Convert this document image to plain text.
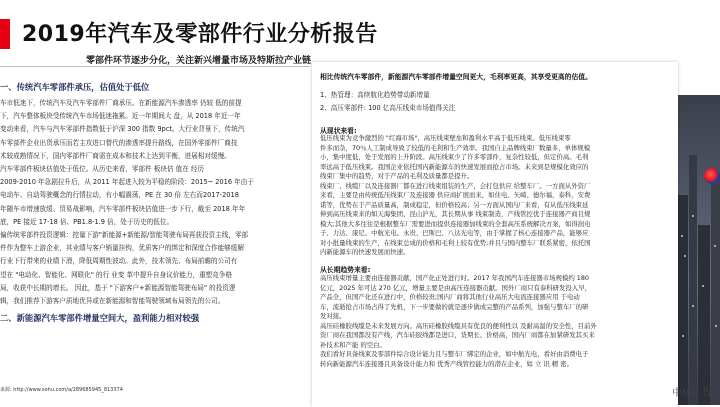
2019年汽车及零部件行业分析报告
零部件环节逐步分化，关注新兴增量市场及特斯拉产业链

一、传统汽车零部件承压，估值处于低位

车市低迷下，传统汽车及汽车零部件厂商承压。在新能源汽车渗透率 仍较 低的前提

下，汽车整体板块受传统汽车市场低迷拖累。近一年期间大 盘，从 2018 年近一年

变动来看，汽车与汽车零部件指数低于沪深 300 指数 9pct。大行业背景下，传统汽

车零部件企业出货承压而若主攻进口替代的渗透率提升路线，在国外零部件厂商技

术较成熟情况下，国内零部件厂商需在成本和技术上达到平衡，进展相对缓慢。

汽车零部件板块估值处于低位。从历史来看，零部件 板块估 值在 经历

2009-2010 年急剧拉升后，从 2011 年起进入较为平稳的阶段：2015~ 2016 年由于

电动车、自动驾驶概念的行情拉动，有小幅震荡，PE 在 30 倍 左右而2017-2018

年随车市增速放缓、贸易战影响，汽车零部件板块估值进一步下行，截至 2018 年年

底，PE 接近 17-18 倍、PB1.8-1.9 倍，处于历史的低位。

偏传统零部件投资逻辑：控量下游"新能源+新能源/智能驾驶布局再获投资主线，零部

件作为整车上游企业，其业绩与客户销量挂钩，优质客户的绑定和深度合作能够缓解

行业下行带来的业绩下滑，降低周期性波动。此外，技术领先、布局前瞻的公司有

望在 "电动化、智能化、网联化" 的行 业变 革中提升自身议价能力，重塑竞争格

局，收获中长期的增长。 因此，基于 "下游客户+新能源智能驾驶布局" 的投资逻

辑，我们推荐下游客户质地优异或在新能源和智能驾驶领域布局领先的公司。

二、新能源汽车零部件增量空间大，盈利能力相对较强

来源: http://www.sohu.com/a/289685945_813374
相比传统汽车零部件，新能源汽车零部件增量空间更大，毛利率更高，其享受更高的估值。
1、热管理：高续航化趋势带动新增量
2、高压零部件: 100 亿高压线束市场值得关注
从现状来看:
低压线束为竞争激烈的 "红海市场"，高压线束壁垒和盈利水平高于低压线束。低压线束零
件多而杂，70％人工制成导致了较低的毛利和生产效率。我国自主品牌线束厂数量多，单体规模
小，集中度低，处于发展的上升阶段。高压线束少了许多零部件，复杂性较低，但定价高。毛利
率远高于低压线束。我国企业依托国内新能源车的快速发展而抢占市场。未来到是规模化效应的
线束厂集中的趋势，对于产品的毛利及质量都是提升。
线束厂、线缆厂以及连接器厂都在进行线束组装的生产，会打包供应 给整车厂。一方面从外资厂
来看，主要是由传统低压线束厂及连接器 供应商扩展而来，如住电、矢崎、德尔福，泰科，安费
诺等，优势在于产品质量高，制成稳定，但价格较高；另一方面从国内厂来看，有从低压线束延
伸到高压线束来的如天海集团、昆山沪光，其长期从事 线束制造，产线管控优于连接器产商且规
模大;其他大多往往是根据整车厂需要进而提供连接器加线束的全套高压系统解决方案，如得润电
子、力达、康尼、中航光电、永贵、巴斯巴、八达光电等，由于掌握了核心连接器产品，能够应
对小批量线束的生产，在线束总成的价格和毛利上较有优势;并且与国内整车厂联系紧密，依托国
内新能源车的快速发展而快速。
从长期趋势来看:
高压线束增量主要由连接器贡献，国产化正处进行时。2017 年我国汽车连接器市场规模约 180
亿元，2025 年可达 270 亿元，增量主要是由高压连接器贡献。国外厂商只有泰科研发投入早，
产品全，但国产化还在进行中，价格较贵;国内厂商将其他行业高压大电流连接器应用 于电动
车，流逝抢占市场占得了先机，下一步要做的就是逐步做成完整的产品系列，加强与整车厂的研
发对接。
高压硅橡胶线缆是未来发展方向。高压硅橡胶线缆具有优良的便利性以 及耐高温的安全性，目前外
资厂商在我国都没有产线，汽车硅胶线都是进口，货期长、价格高，国内厂商都在加紧研发其买来
补技术和产能 的空白。
我们看好具备线束及零部件综合设计能力且与整车厂绑定的企业，如中航光电，看好由消费电子
转向新能源汽车连接器且具备设计能力和 优秀产线管控能力的潜在企业，如 立 讯 精 密。
中域广告
